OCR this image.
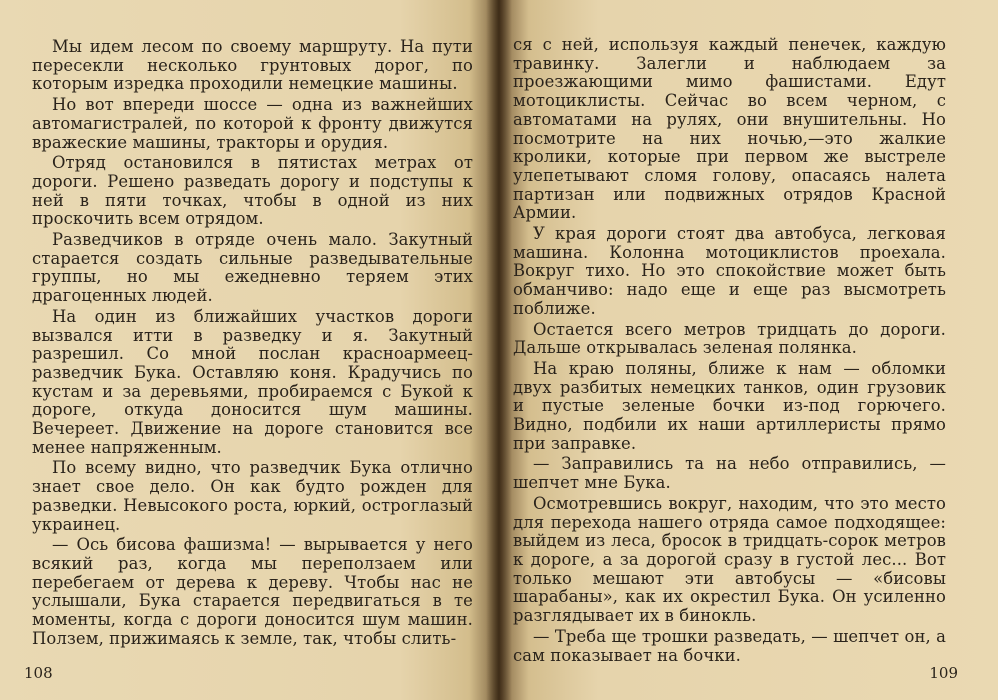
Мы идем лесом по своему маршруту. На пути пересекли несколько грунтовых дорог, по которым изредка проходили немецкие машины.

Но вот впереди шоссе — одна из важнейших автомагистралей, по которой к фронту движутся вражеские машины, тракторы и орудия.

Отряд остановился в пятистах метрах от дороги. Решено разведать дорогу и подступы к ней в пяти точках, чтобы в одной из них проскочить всем отрядом.

Разведчиков в отряде очень мало. Закутный старается создать сильные разведывательные группы, но мы ежедневно теряем этих драгоценных людей.

На один из ближайших участков дороги вызвался итти в разведку и я. Закутный разрешил. Со мной послан красноармеец-разведчик Бука. Оставляю коня. Крадучись по кустам и за деревьями, пробираемся с Букой к дороге, откуда доносится шум машины. Вечереет. Движение на дороге становится все менее напряженным.

По всему видно, что разведчик Бука отлично знает свое дело. Он как будто рожден для разведки. Невысокого роста, юркий, остроглазый украинец.

— Ось бисова фашизма! — вырывается у него всякий раз, когда мы переползаем или перебегаем от дерева к дереву. Чтобы нас не услышали, Бука старается передвигаться в те моменты, когда с дороги доносится шум машин. Ползем, прижимаясь к земле, так, чтобы слить-

108

ся с ней, используя каждый пенечек, каждую травинку. Залегли и наблюдаем за проезжающими мимо фашистами. Едут мотоциклисты. Сейчас во всем черном, с автоматами на рулях, они внушительны. Но посмотрите на них ночью,—это жалкие кролики, которые при первом же выстреле улепетывают сломя голову, опасаясь налета партизан или подвижных отрядов Красной Армии.

У края дороги стоят два автобуса, легковая машина. Колонна мотоциклистов проехала. Вокруг тихо. Но это спокойствие может быть обманчиво: надо еще и еще раз высмотреть поближе.

Остается всего метров тридцать до дороги. Дальше открывалась зеленая полянка.

На краю поляны, ближе к нам — обломки двух разбитых немецких танков, один грузовик и пустые зеленые бочки из-под горючего. Видно, подбили их наши артиллеристы прямо при заправке.

— Заправились та на небо отправились, — шепчет мне Бука.

Осмотревшись вокруг, находим, что это место для перехода нашего отряда самое подходящее: выйдем из леса, бросок в тридцать-сорок метров к дороге, а за дорогой сразу в густой лес... Вот только мешают эти автобусы — «бисовы шарабаны», как их окрестил Бука. Он усиленно разглядывает их в бинокль.

— Треба ще трошки разведать, — шепчет он, а сам показывает на бочки.

109
